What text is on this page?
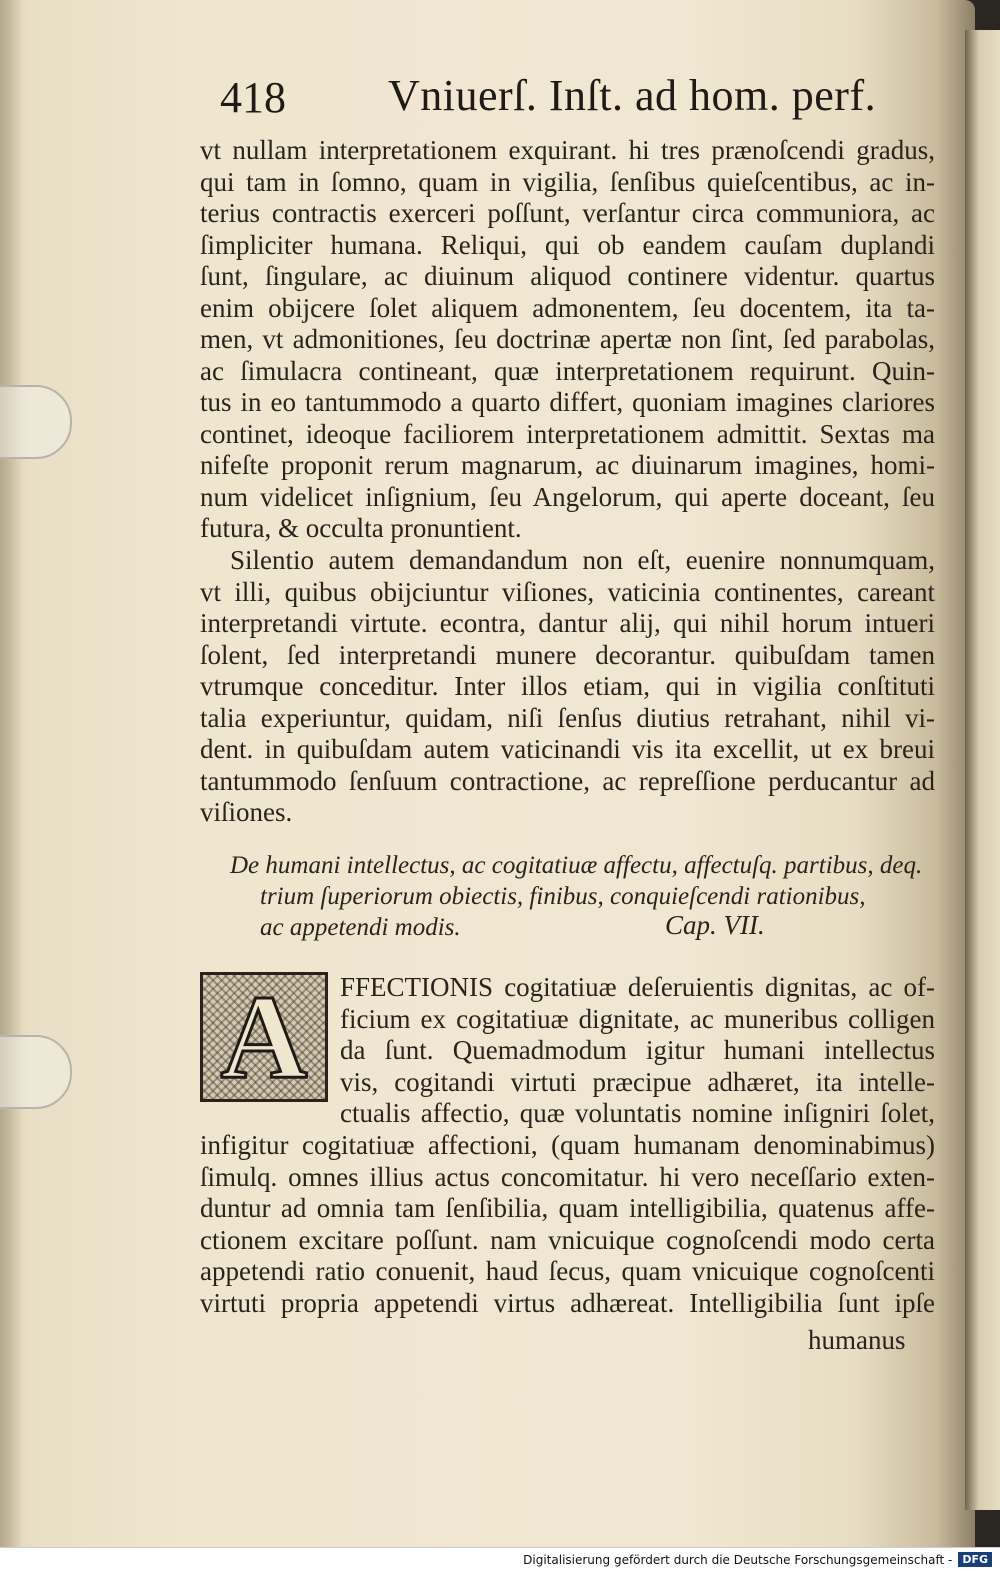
418 Vniuerſ. Inſt. ad hom. perf.
vt nullam interpretationem exquirant. hi tres prænoſcendi gradus,
qui tam in ſomno, quam in vigilia, ſenſibus quieſcentibus, ac in-
terius contractis exerceri poſſunt, verſantur circa communiora, ac
ſimpliciter humana. Reliqui, qui ob eandem cauſam duplandi
ſunt, ſingulare, ac diuinum aliquod continere videntur. quartus
enim obijcere ſolet aliquem admonentem, ſeu docentem, ita ta-
men, vt admonitiones, ſeu doctrinæ apertæ non ſint, ſed parabolas,
ac ſimulacra contineant, quæ interpretationem requirunt. Quin-
tus in eo tantummodo a quarto differt, quoniam imagines clariores
continet, ideoque faciliorem interpretationem admittit. Sextas ma
nifeſte proponit rerum magnarum, ac diuinarum imagines, homi-
num videlicet inſignium, ſeu Angelorum, qui aperte doceant, ſeu
futura, & occulta pronuntient.
Silentio autem demandandum non eſt, euenire nonnumquam,
vt illi, quibus obijciuntur viſiones, vaticinia continentes, careant
interpretandi virtute. econtra, dantur alij, qui nihil horum intueri
ſolent, ſed interpretandi munere decorantur. quibuſdam tamen
vtrumque conceditur. Inter illos etiam, qui in vigilia conſtituti
talia experiuntur, quidam, niſi ſenſus diutius retrahant, nihil vi-
dent. in quibuſdam autem vaticinandi vis ita excellit, ut ex breui
tantummodo ſenſuum contractione, ac repreſſione perducantur ad
viſiones.
De humani intellectus, ac cogitatiuæ affectu, affectuſq. partibus, deq.
trium ſuperiorum obiectis, finibus, conquieſcendi rationibus,
ac appetendi modis.	Cap. VII.
A FFECTIONIS cogitatiuæ deſeruientis dignitas, ac of-
ficium ex cogitatiuæ dignitate, ac muneribus colligen
da ſunt. Quemadmodum igitur humani intellectus
vis, cogitandi virtuti præcipue adhæret, ita intelle-
ctualis affectio, quæ voluntatis nomine inſigniri ſolet,
infigitur cogitatiuæ affectioni, (quam humanam denominabimus)
ſimulq. omnes illius actus concomitatur. hi vero neceſſario exten-
duntur ad omnia tam ſenſibilia, quam intelligibilia, quatenus affe-
ctionem excitare poſſunt. nam vnicuique cognoſcendi modo certa
appetendi ratio conuenit, haud ſecus, quam vnicuique cognoſcenti
virtuti propria appetendi virtus adhæreat. Intelligibilia ſunt ipſe
humanus
Digitalisierung gefördert durch die Deutsche Forschungsgemeinschaft - DFG
